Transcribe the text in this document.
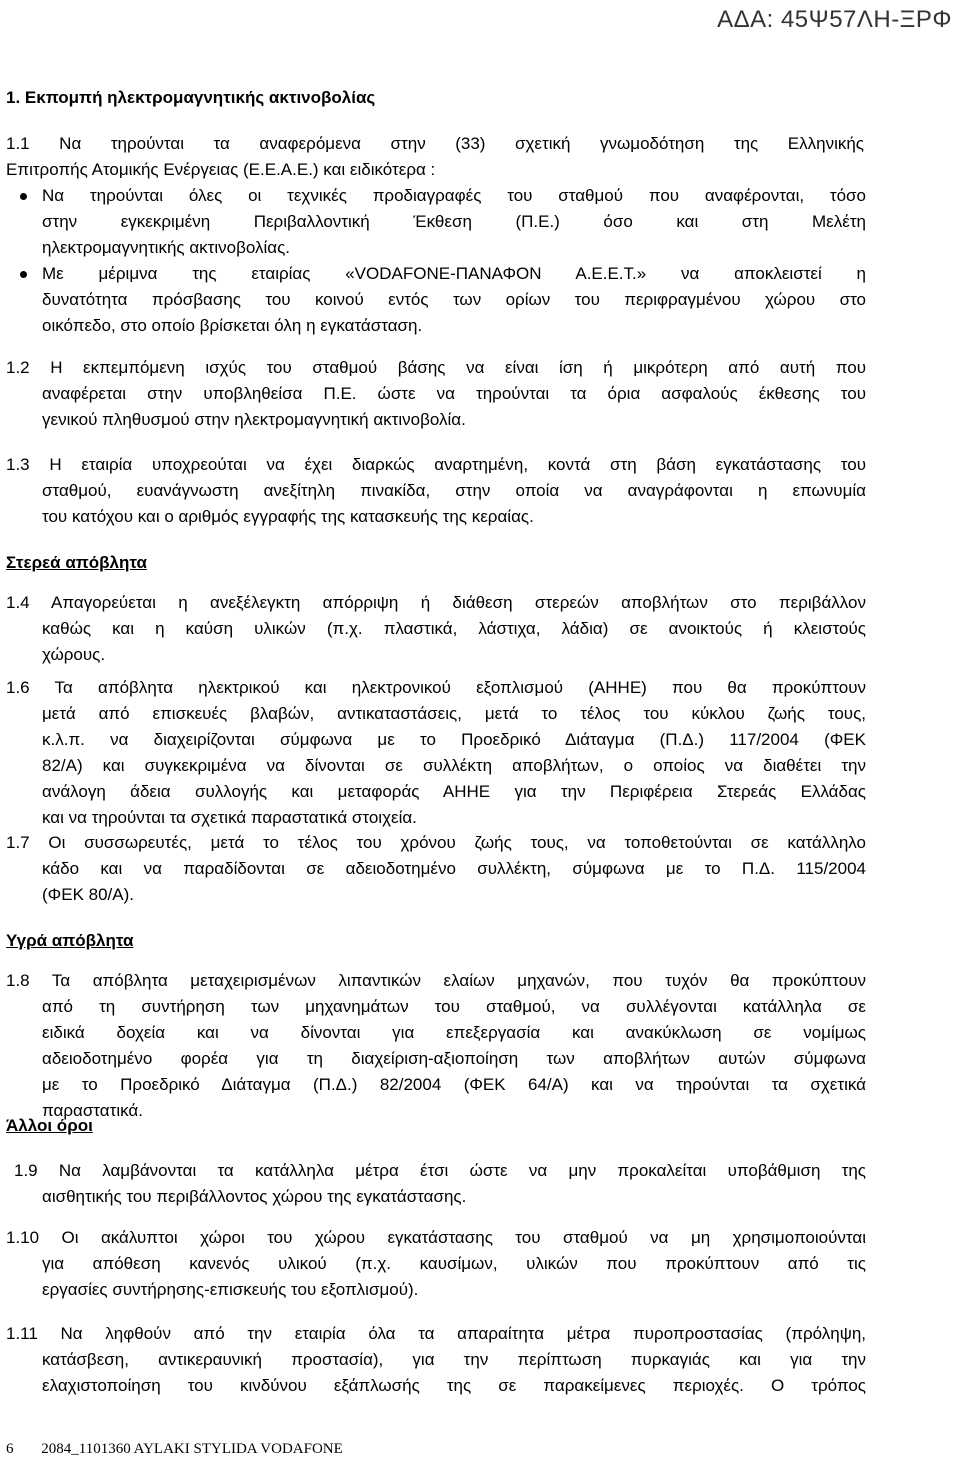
ΑΔΑ: 45Ψ57ΛΗ-ΞΡΦ
1. Εκπομπή ηλεκτρομαγνητικής ακτινοβολίας
1.1 Να τηρούνται τα αναφερόμενα στην (33) σχετική γνωμοδότηση της Ελληνικής
Επιτροπής Ατομικής Ενέργειας (Ε.Ε.Α.Ε.) και ειδικότερα :
Να τηρούνται όλες οι τεχνικές προδιαγραφές του σταθμού που αναφέρονται, τόσο
στην εγκεκριμένη Περιβαλλοντική Έκθεση (Π.Ε.) όσο και στη Μελέτη
ηλεκτρομαγνητικής ακτινοβολίας.
Με μέριμνα της εταιρίας «VODAFONE-ΠΑΝΑΦΟΝ Α.Ε.Ε.Τ.» να αποκλειστεί η
δυνατότητα πρόσβασης του κοινού εντός των ορίων του περιφραγμένου χώρου στο
οικόπεδο, στο οποίο βρίσκεται όλη η εγκατάσταση.
1.2 Η εκπεμπόμενη ισχύς του σταθμού βάσης να είναι ίση ή μικρότερη από αυτή που
αναφέρεται στην υποβληθείσα Π.Ε. ώστε να τηρούνται τα όρια ασφαλούς έκθεσης του
γενικού πληθυσμού στην ηλεκτρομαγνητική ακτινοβολία.
1.3 Η εταιρία υποχρεούται να έχει διαρκώς αναρτημένη, κοντά στη βάση εγκατάστασης του
σταθμού, ευανάγνωστη ανεξίτηλη πινακίδα, στην οποία να αναγράφονται η επωνυμία
του κατόχου και ο αριθμός εγγραφής της κατασκευής της κεραίας.
Στερεά απόβλητα
1.4 Απαγορεύεται η ανεξέλεγκτη απόρριψη ή διάθεση στερεών αποβλήτων στο περιβάλλον
καθώς και η καύση υλικών (π.χ. πλαστικά, λάστιχα, λάδια) σε ανοικτούς ή κλειστούς
χώρους.
1.6 Τα απόβλητα ηλεκτρικού και ηλεκτρονικού εξοπλισμού (ΑΗΗΕ) που θα προκύπτουν
μετά από επισκευές βλαβών, αντικαταστάσεις, μετά το τέλος του κύκλου ζωής τους,
κ.λ.π. να διαχειρίζονται σύμφωνα με το Προεδρικό Διάταγμα (Π.Δ.) 117/2004 (ΦΕΚ
82/Α) και συγκεκριμένα να δίνονται σε συλλέκτη αποβλήτων, ο οποίος να διαθέτει την
ανάλογη άδεια συλλογής και μεταφοράς ΑΗΗΕ για την Περιφέρεια Στερεάς Ελλάδας
και να τηρούνται τα σχετικά παραστατικά στοιχεία.
1.7 Οι συσσωρευτές, μετά το τέλος του χρόνου ζωής τους, να τοποθετούνται σε κατάλληλο
κάδο και να παραδίδονται σε αδειοδοτημένο συλλέκτη, σύμφωνα με το Π.Δ. 115/2004
(ΦΕΚ 80/Α).
Υγρά απόβλητα
1.8 Τα απόβλητα μεταχειρισμένων λιπαντικών ελαίων μηχανών, που τυχόν θα προκύπτουν
από τη συντήρηση των μηχανημάτων του σταθμού, να συλλέγονται κατάλληλα σε
ειδικά δοχεία και να δίνονται για επεξεργασία και ανακύκλωση σε νομίμως
αδειοδοτημένο φορέα για τη διαχείριση-αξιοποίηση των αποβλήτων αυτών σύμφωνα
με το Προεδρικό Διάταγμα (Π.Δ.) 82/2004 (ΦΕΚ 64/Α) και να τηρούνται τα σχετικά
παραστατικά.
Άλλοι όροι
1.9 Να λαμβάνονται τα κατάλληλα μέτρα έτσι ώστε να μην προκαλείται υποβάθμιση της
αισθητικής του περιβάλλοντος χώρου της εγκατάστασης.
1.10 Οι ακάλυπτοι χώροι του χώρου εγκατάστασης του σταθμού να μη χρησιμοποιούνται
για απόθεση κανενός υλικού (π.χ. καυσίμων, υλικών που προκύπτουν από τις
εργασίες συντήρησης-επισκευής του εξοπλισμού).
1.11 Να ληφθούν από την εταιρία όλα τα απαραίτητα μέτρα πυροπροστασίας (πρόληψη,
κατάσβεση, αντικεραυνική προστασία), για την περίπτωση πυρκαγιάς και για την
ελαχιστοποίηση του κινδύνου εξάπλωσής της σε παρακείμενες περιοχές. Ο τρόπος
6 2084_1101360 AYLAKI STYLIDA VODAFONE
